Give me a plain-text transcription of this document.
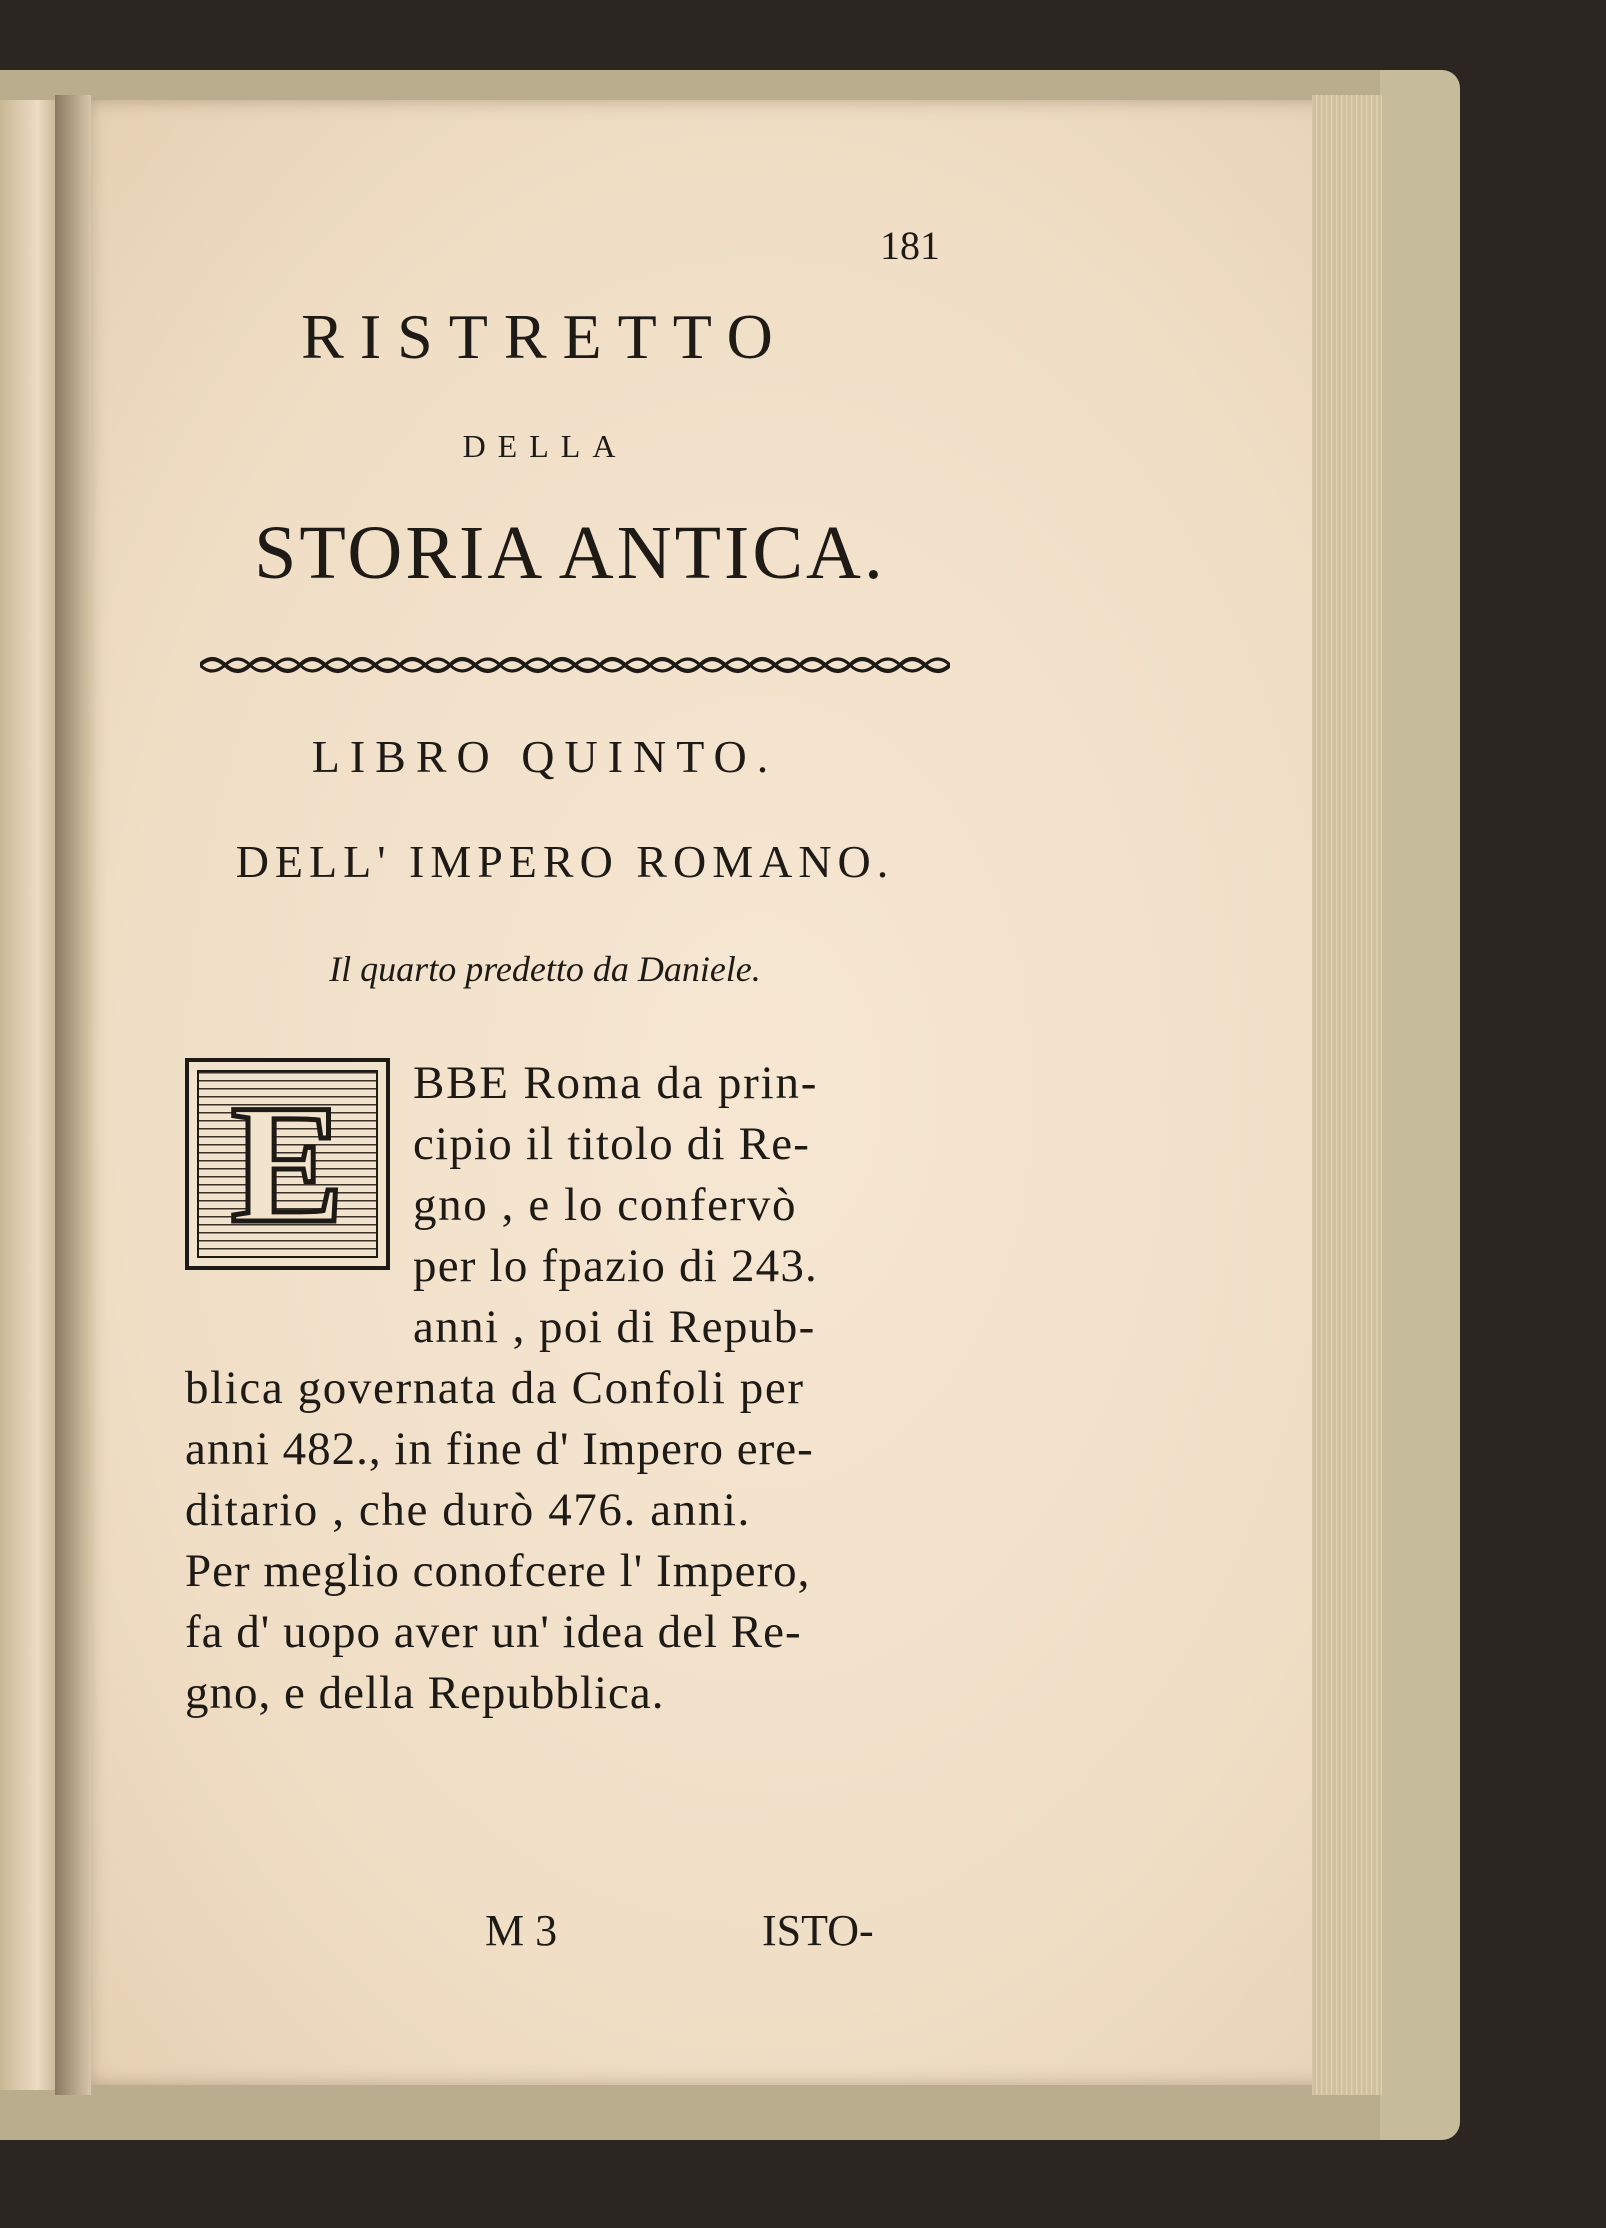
181
RISTRETTO
DELLA
STORIA ANTICA.
LIBRO QUINTO.
DELL' IMPERO ROMANO.
Il quarto predetto da Daniele.
E	BBE Roma da prin-
cipio il titolo di Re-
gno , e lo confervò
per lo fpazio di 243.
anni , poi di Repub-
blica governata da Confoli per
anni 482., in fine d' Impero ere-
ditario , che durò 476. anni.
Per meglio conofcere l' Impero,
fa d' uopo aver un' idea del Re-
gno, e della Repubblica.
M 3	ISTO-
